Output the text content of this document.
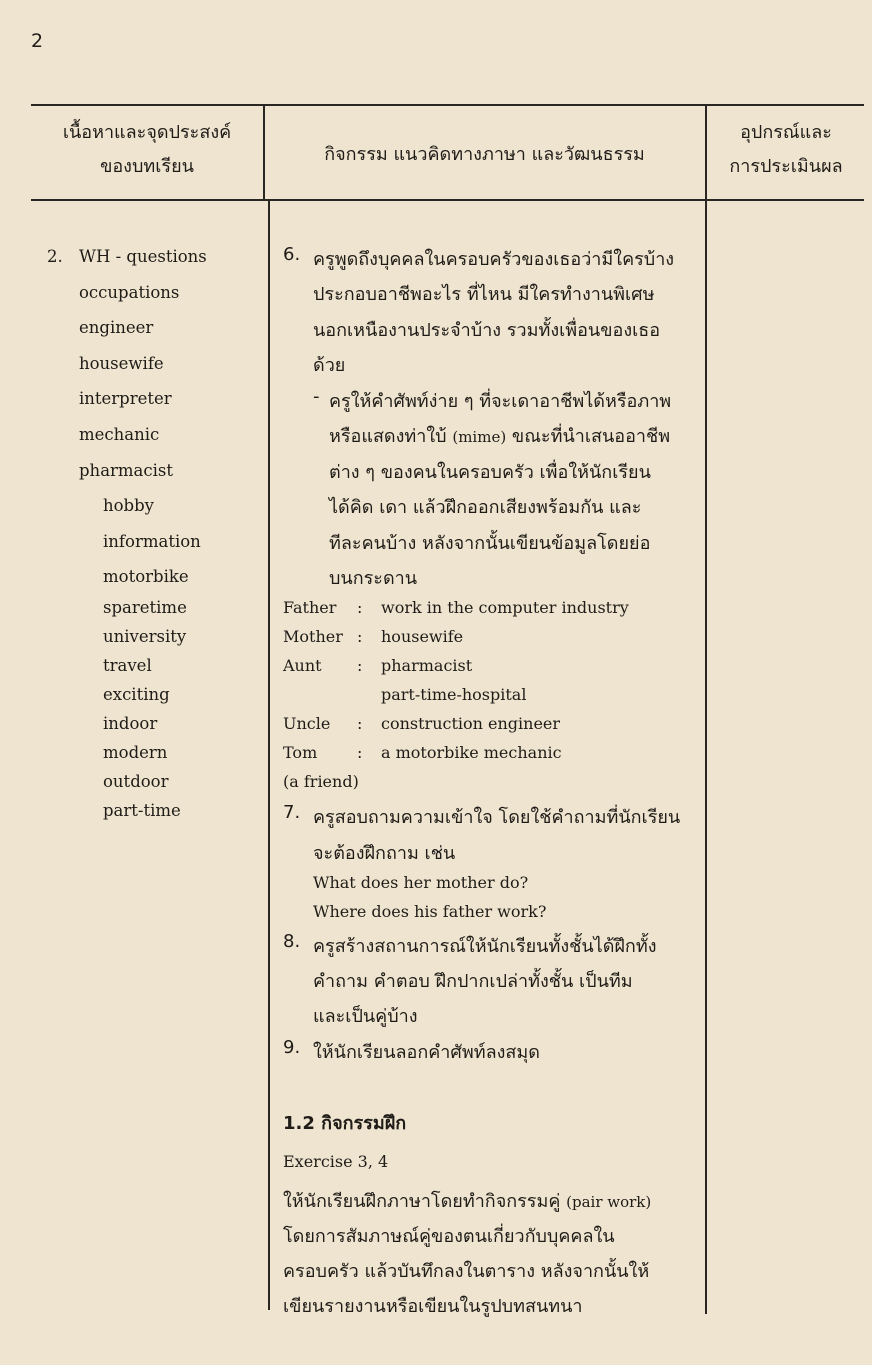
2
เนื้อหาและจุดประสงค์
ของบทเรียน
กิจกรรม แนวคิดทางภาษา และวัฒนธรรม
อุปกรณ์และ
การประเมินผล
2. WH - questions
occupations
engineer
housewife
interpreter
mechanic
pharmacist
hobby
information
motorbike
sparetime
university
travel
exciting
indoor
modern
outdoor
part-time
6. ครูพูดถึงบุคคลในครอบครัวของเธอว่ามีใครบ้าง
ประกอบอาชีพอะไร ที่ไหน มีใครทำงานพิเศษ
นอกเหนืองานประจำบ้าง รวมทั้งเพื่อนของเธอ
ด้วย
- ครูให้คำศัพท์ง่าย ๆ ที่จะเดาอาชีพได้หรือภาพ
หรือแสดงท่าใบ้ (mime) ขณะที่นำเสนออาชีพ
ต่าง ๆ ของคนในครอบครัว เพื่อให้นักเรียน
ได้คิด เดา แล้วฝึกออกเสียงพร้อมกัน และ
ทีละคนบ้าง หลังจากนั้นเขียนข้อมูลโดยย่อ
บนกระดาน
Father : work in the computer industry
Mother : housewife
Aunt : pharmacist
part-time-hospital
Uncle : construction engineer
Tom : a motorbike mechanic
(a friend)
7. ครูสอบถามความเข้าใจ โดยใช้คำถามที่นักเรียน
จะต้องฝึกถาม เช่น
What does her mother do?
Where does his father work?
8. ครูสร้างสถานการณ์ให้นักเรียนทั้งชั้นได้ฝึกทั้ง
คำถาม คำตอบ ฝึกปากเปล่าทั้งชั้น เป็นทีม
และเป็นคู่บ้าง
9. ให้นักเรียนลอกคำศัพท์ลงสมุด
1.2 กิจกรรมฝึก
Exercise 3, 4
ให้นักเรียนฝึกภาษาโดยทำกิจกรรมคู่ (pair work)
โดยการสัมภาษณ์คู่ของตนเกี่ยวกับบุคคลใน
ครอบครัว แล้วบันทึกลงในตาราง หลังจากนั้นให้
เขียนรายงานหรือเขียนในรูปบทสนทนา
